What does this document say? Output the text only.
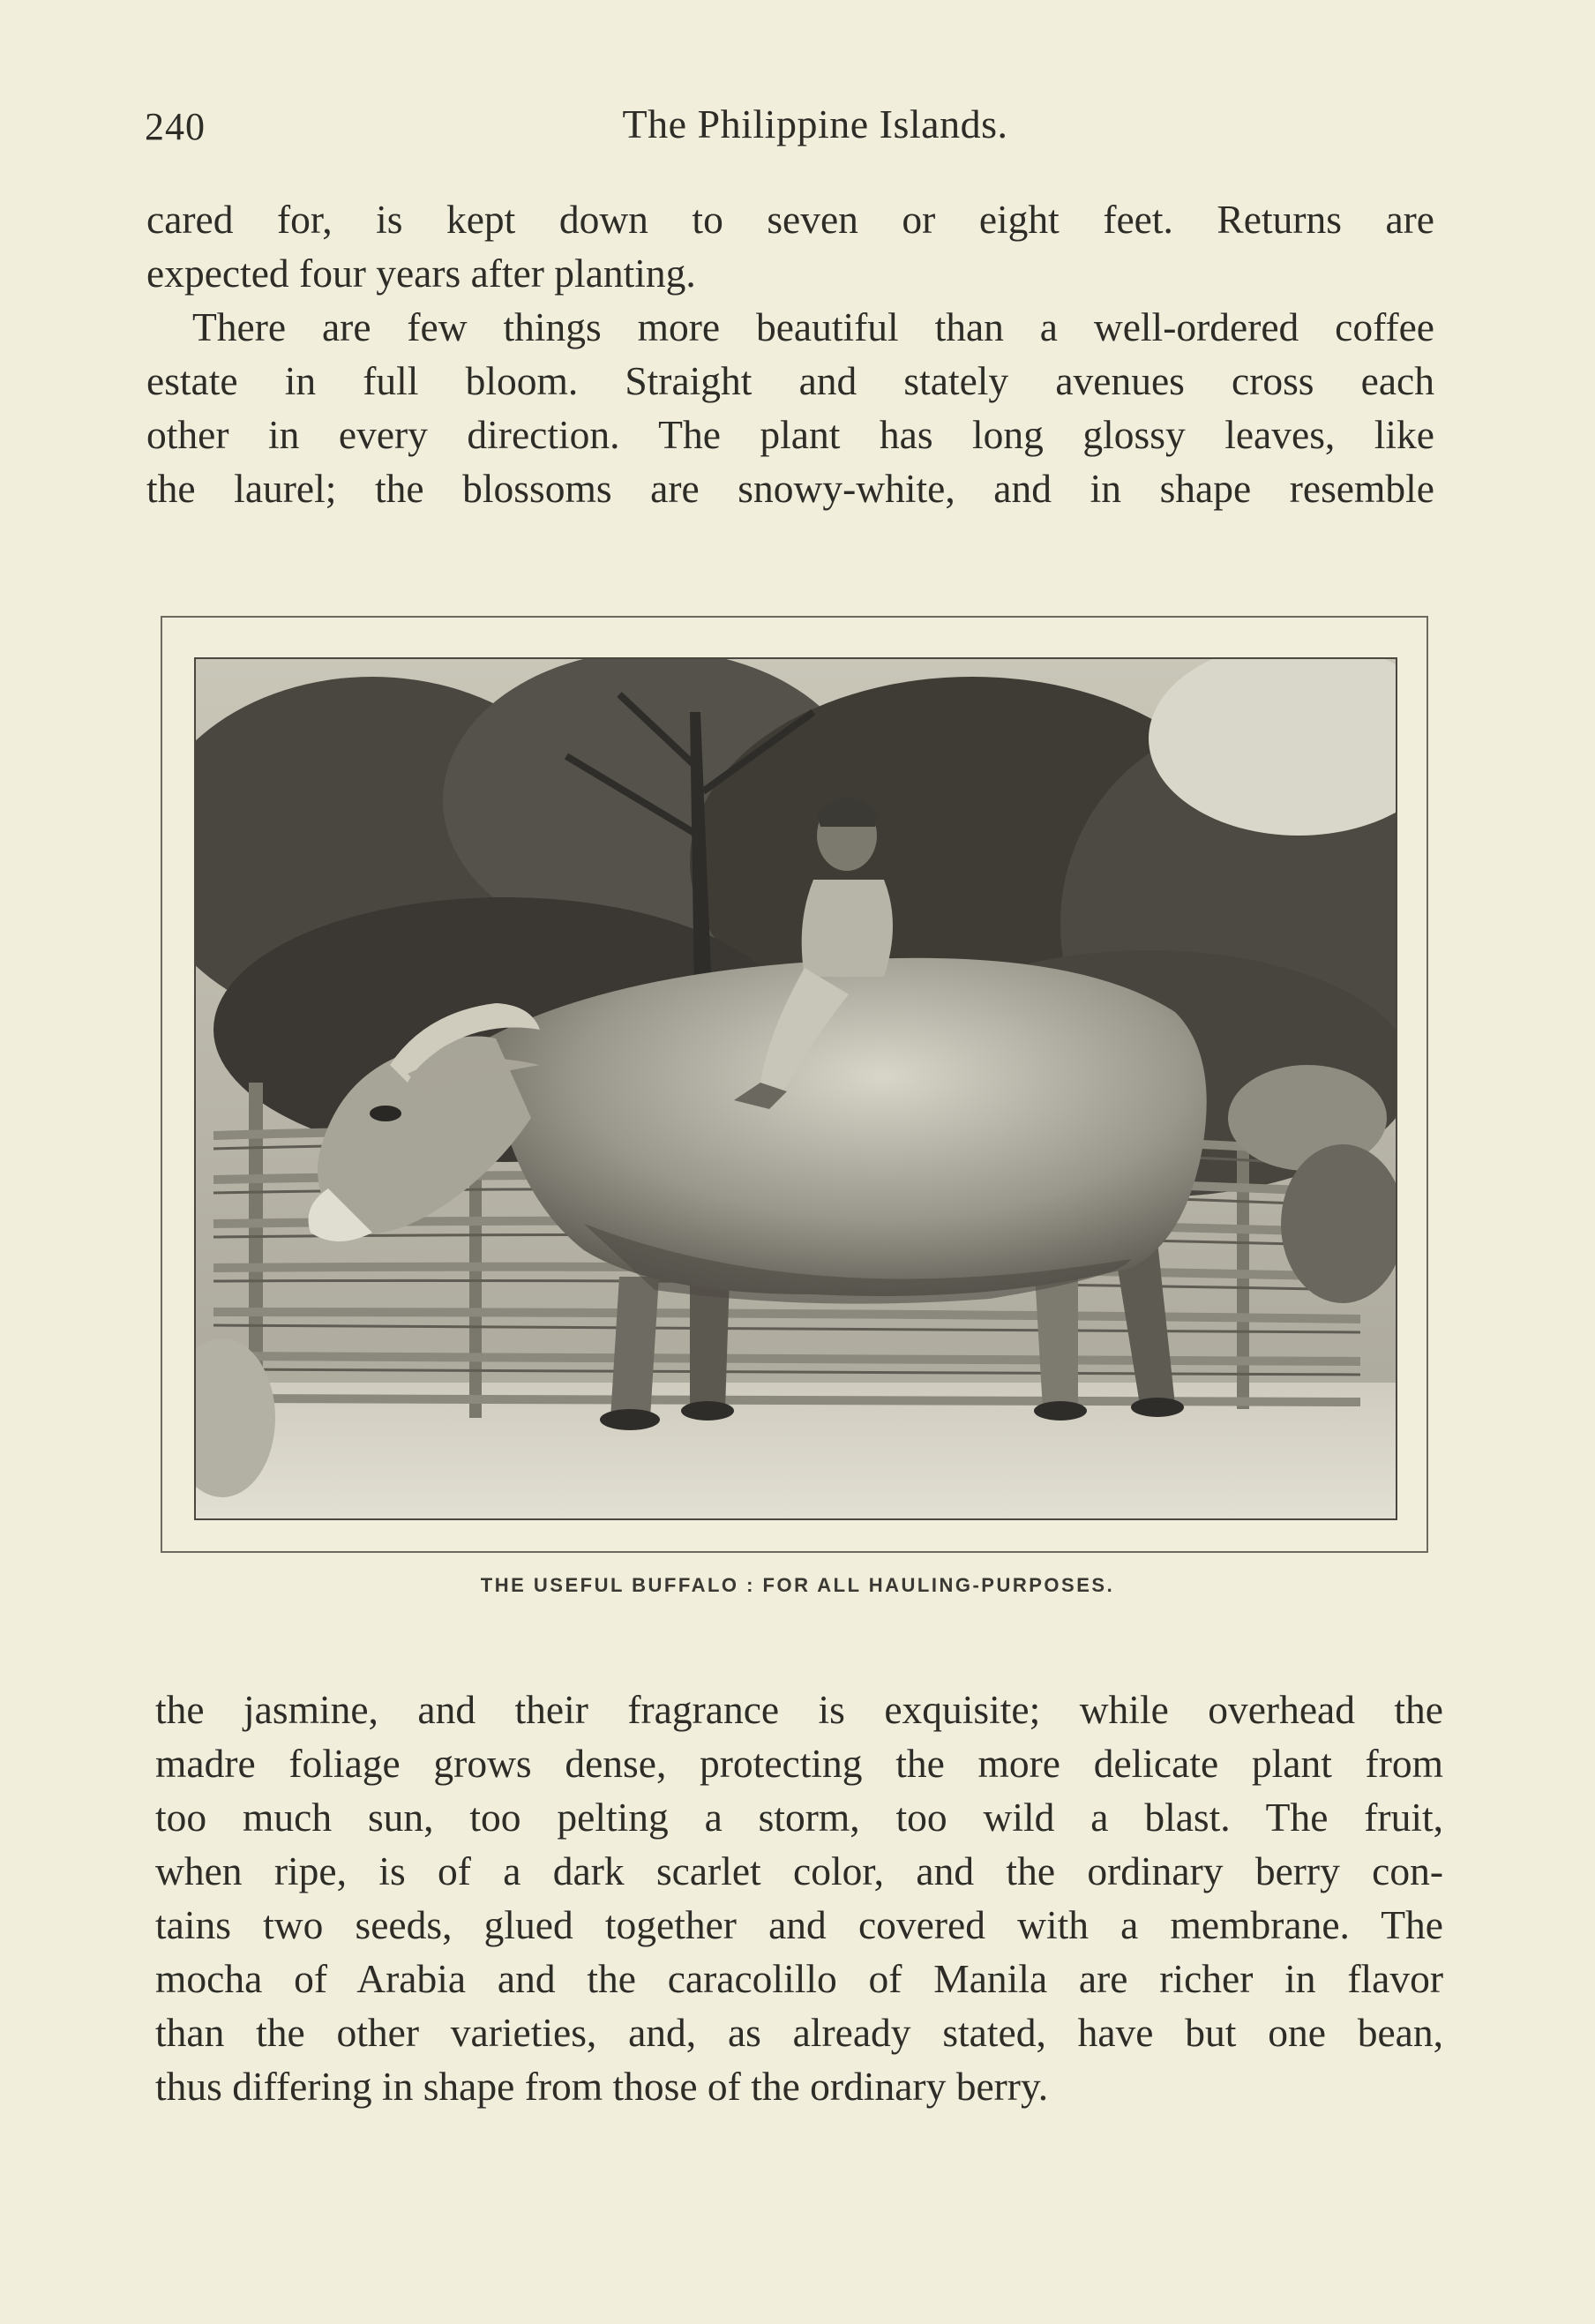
240	The Philippine Islands.
cared for, is kept down to seven or eight feet. Returns are
expected four years after planting.
There are few things more beautiful than a well-ordered coffee
estate in full bloom. Straight and stately avenues cross each
other in every direction. The plant has long glossy leaves, like
the laurel; the blossoms are snowy-white, and in shape resemble
THE USEFUL BUFFALO : FOR ALL HAULING-PURPOSES.
the jasmine, and their fragrance is exquisite; while overhead the
madre foliage grows dense, protecting the more delicate plant from
too much sun, too pelting a storm, too wild a blast. The fruit,
when ripe, is of a dark scarlet color, and the ordinary berry con-
tains two seeds, glued together and covered with a membrane. The
mocha of Arabia and the caracolillo of Manila are richer in flavor
than the other varieties, and, as already stated, have but one bean,
thus differing in shape from those of the ordinary berry.
